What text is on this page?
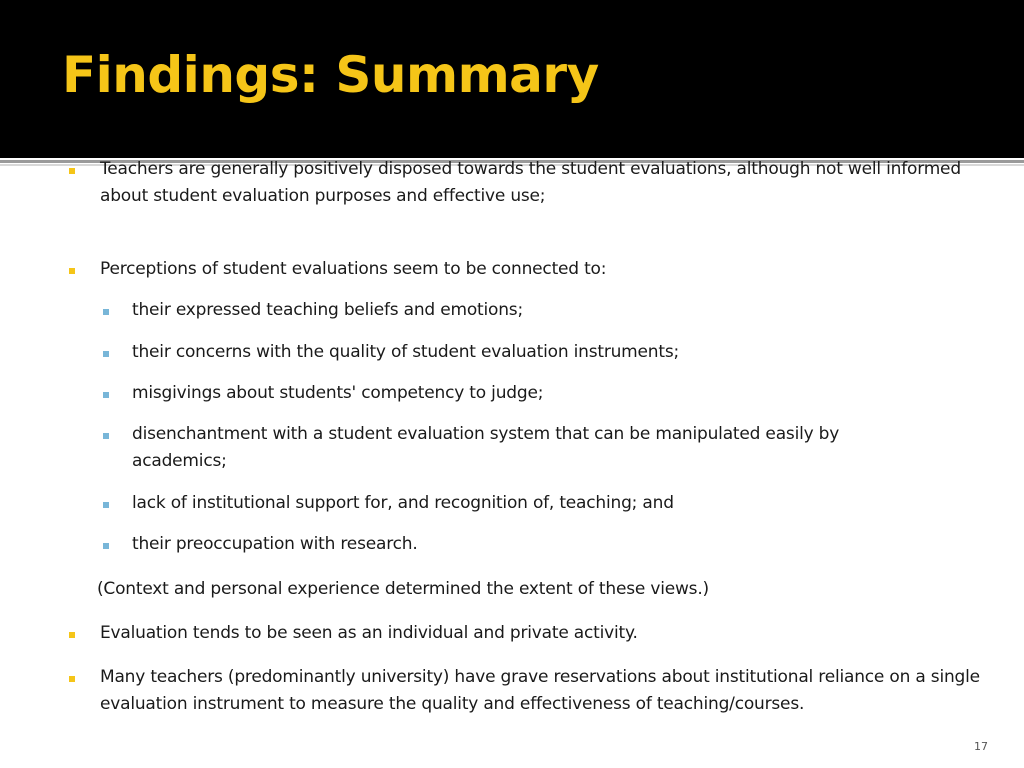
Findings: Summary
Teachers are generally positively disposed towards the student evaluations, although not well informed about student evaluation purposes and effective use;
Perceptions of student evaluations seem to be connected to:
their expressed teaching beliefs and emotions;
their concerns with the quality of student evaluation instruments;
misgivings about students' competency to judge;
disenchantment with a student evaluation system that can be manipulated easily by academics;
lack of institutional support for, and recognition of, teaching; and
their preoccupation with research.
(Context and personal experience determined the extent of these views.)
Evaluation tends to be seen as an individual and private activity.
Many teachers (predominantly university) have grave reservations about institutional reliance on a single evaluation instrument to measure the quality and effectiveness of teaching/courses.
17
